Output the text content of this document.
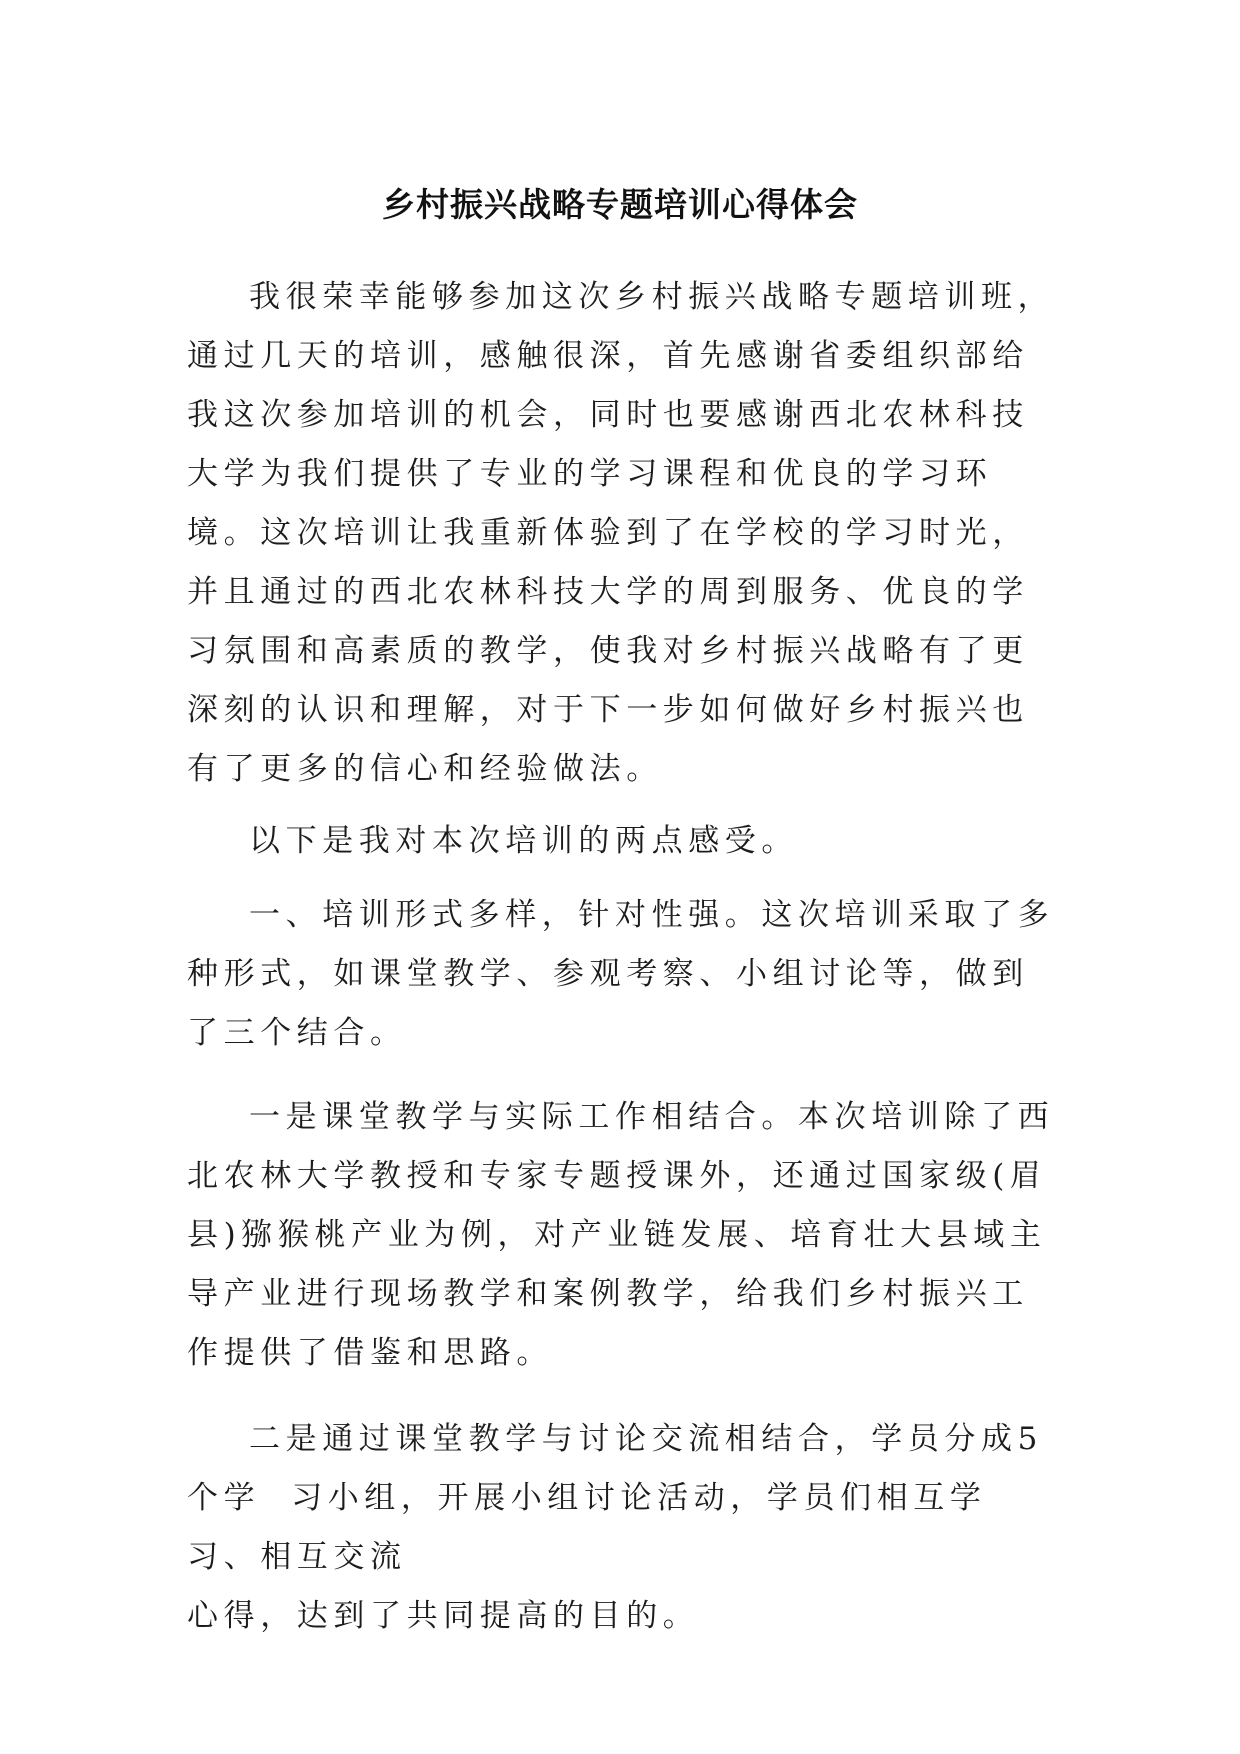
乡村振兴战略专题培训心得体会

我很荣幸能够参加这次乡村振兴战略专题培训班，通过几天的培训，感触很深，首先感谢省委组织部给我这次参加培训的机会，同时也要感谢西北农林科技大学为我们提供了专业的学习课程和优良的学习环境。这次培训让我重新体验到了在学校的学习时光，并且通过的西北农林科技大学的周到服务、优良的学习氛围和高素质的教学，使我对乡村振兴战略有了更深刻的认识和理解，对于下一步如何做好乡村振兴也有了更多的信心和经验做法。

以下是我对本次培训的两点感受。

一、培训形式多样，针对性强。这次培训采取了多种形式，如课堂教学、参观考察、小组讨论等，做到了三个结合。

一是课堂教学与实际工作相结合。本次培训除了西北农林大学教授和专家专题授课外，还通过国家级(眉县)猕猴桃产业为例，对产业链发展、培育壮大县域主导产业进行现场教学和案例教学，给我们乡村振兴工作提供了借鉴和思路。

二是通过课堂教学与讨论交流相结合，学员分成5个学  习小组，开展小组讨论活动，学员们相互学习、相互交流

心得，达到了共同提高的目的。
